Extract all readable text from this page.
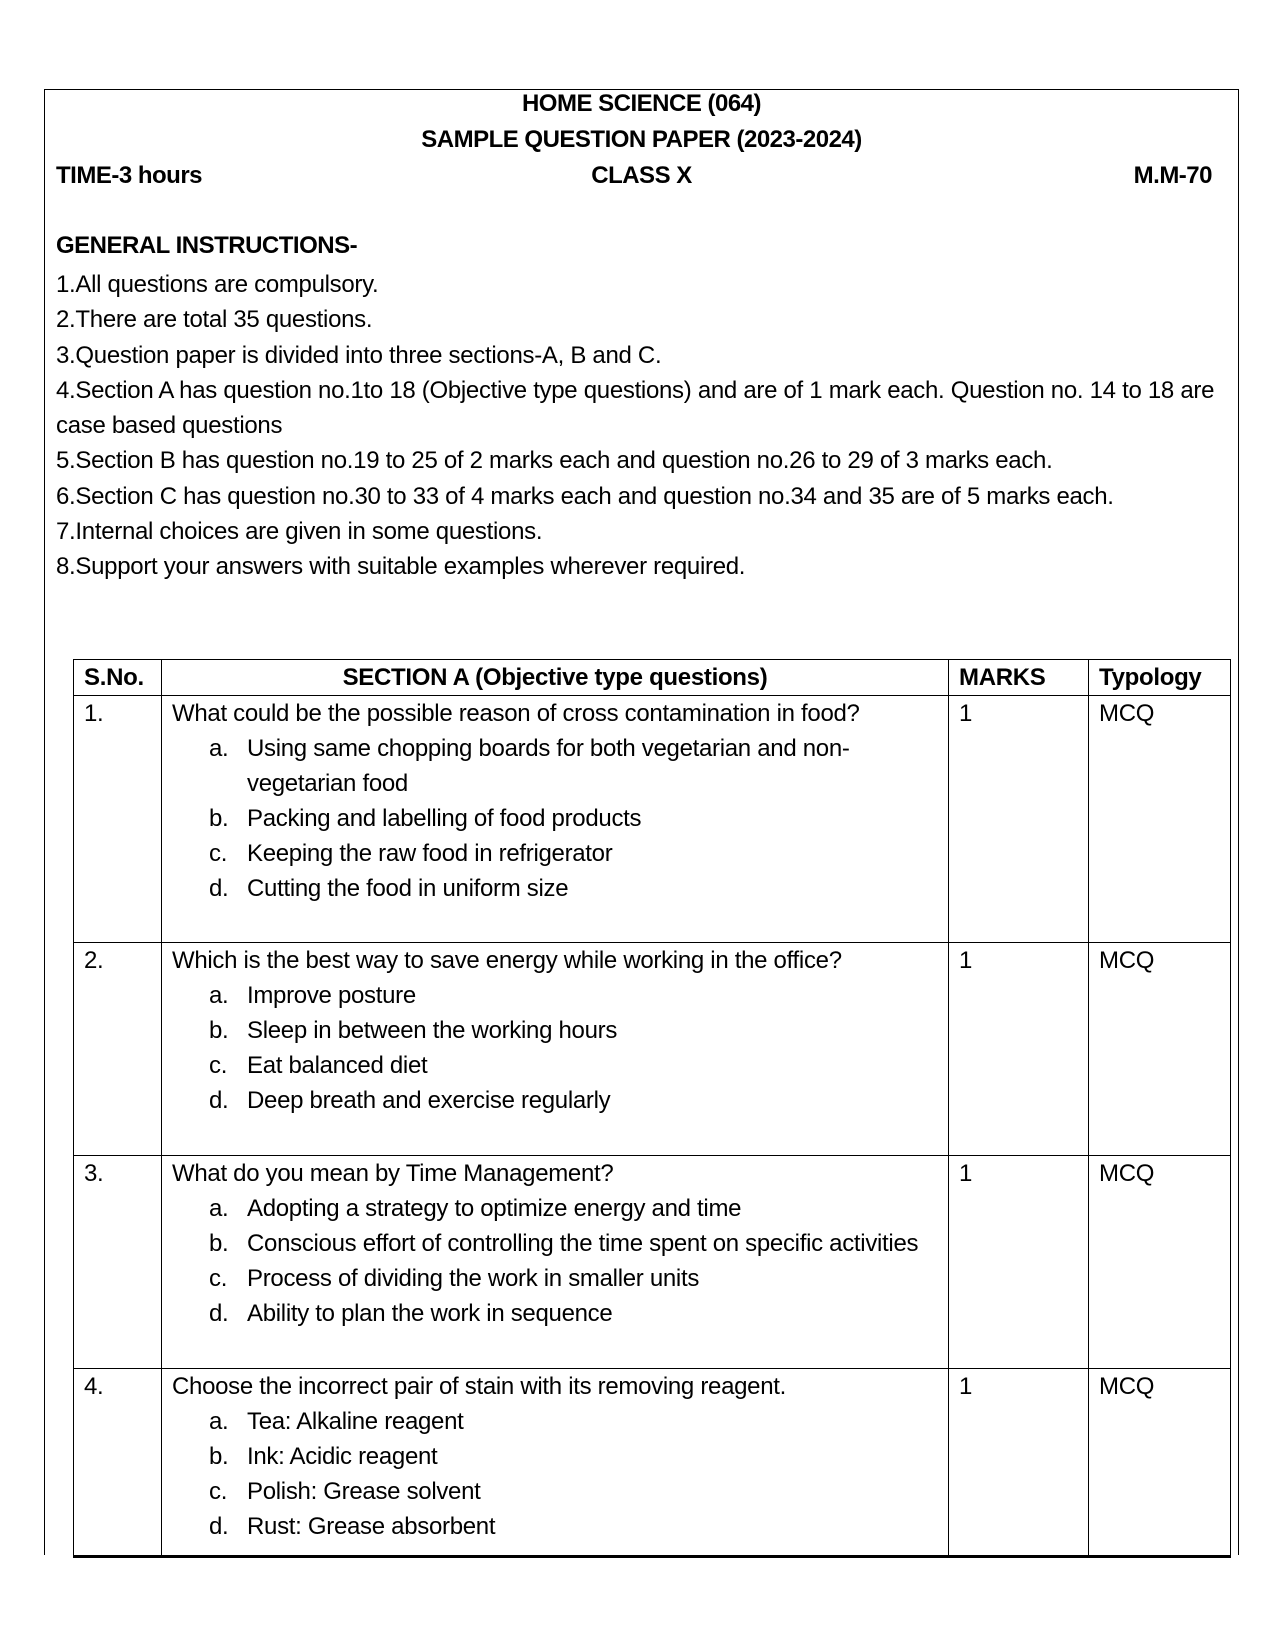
HOME SCIENCE (064)
SAMPLE QUESTION PAPER (2023-2024)
TIME-3 hours	CLASS X	M.M-70
GENERAL INSTRUCTIONS-
1.All questions are compulsory.
2.There are total 35 questions.
3.Question paper is divided into three sections-A, B and C.
4.Section A has question no.1to 18 (Objective type questions) and are of 1 mark each. Question no. 14 to 18 are case based questions
5.Section B has question no.19 to 25 of 2 marks each and question no.26 to 29 of 3 marks each.
6.Section C has question no.30 to 33 of 4 marks each and question no.34 and 35 are of 5 marks each.
7.Internal choices are given in some questions.
8.Support your answers with suitable examples wherever required.
S.No.	SECTION A (Objective type questions)	MARKS	Typology
1.	What could be the possible reason of cross contamination in food?

a. Using same chopping boards for both vegetarian and non-vegetarian food
b. Packing and labelling of food products
c. Keeping the raw food in refrigerator
d. Cutting the food in uniform size
	1	MCQ
2.	Which is the best way to save energy while working in the office?

a. Improve posture
b. Sleep in between the working hours
c. Eat balanced diet
d. Deep breath and exercise regularly
	1	MCQ
3.	What do you mean by Time Management?

a. Adopting a strategy to optimize energy and time
b. Conscious effort of controlling the time spent on specific activities
c. Process of dividing the work in smaller units
d. Ability to plan the work in sequence
	1	MCQ
4.	Choose the incorrect pair of stain with its removing reagent.

a. Tea: Alkaline reagent
b. Ink: Acidic reagent
c. Polish: Grease solvent
d. Rust: Grease absorbent
	1	MCQ
